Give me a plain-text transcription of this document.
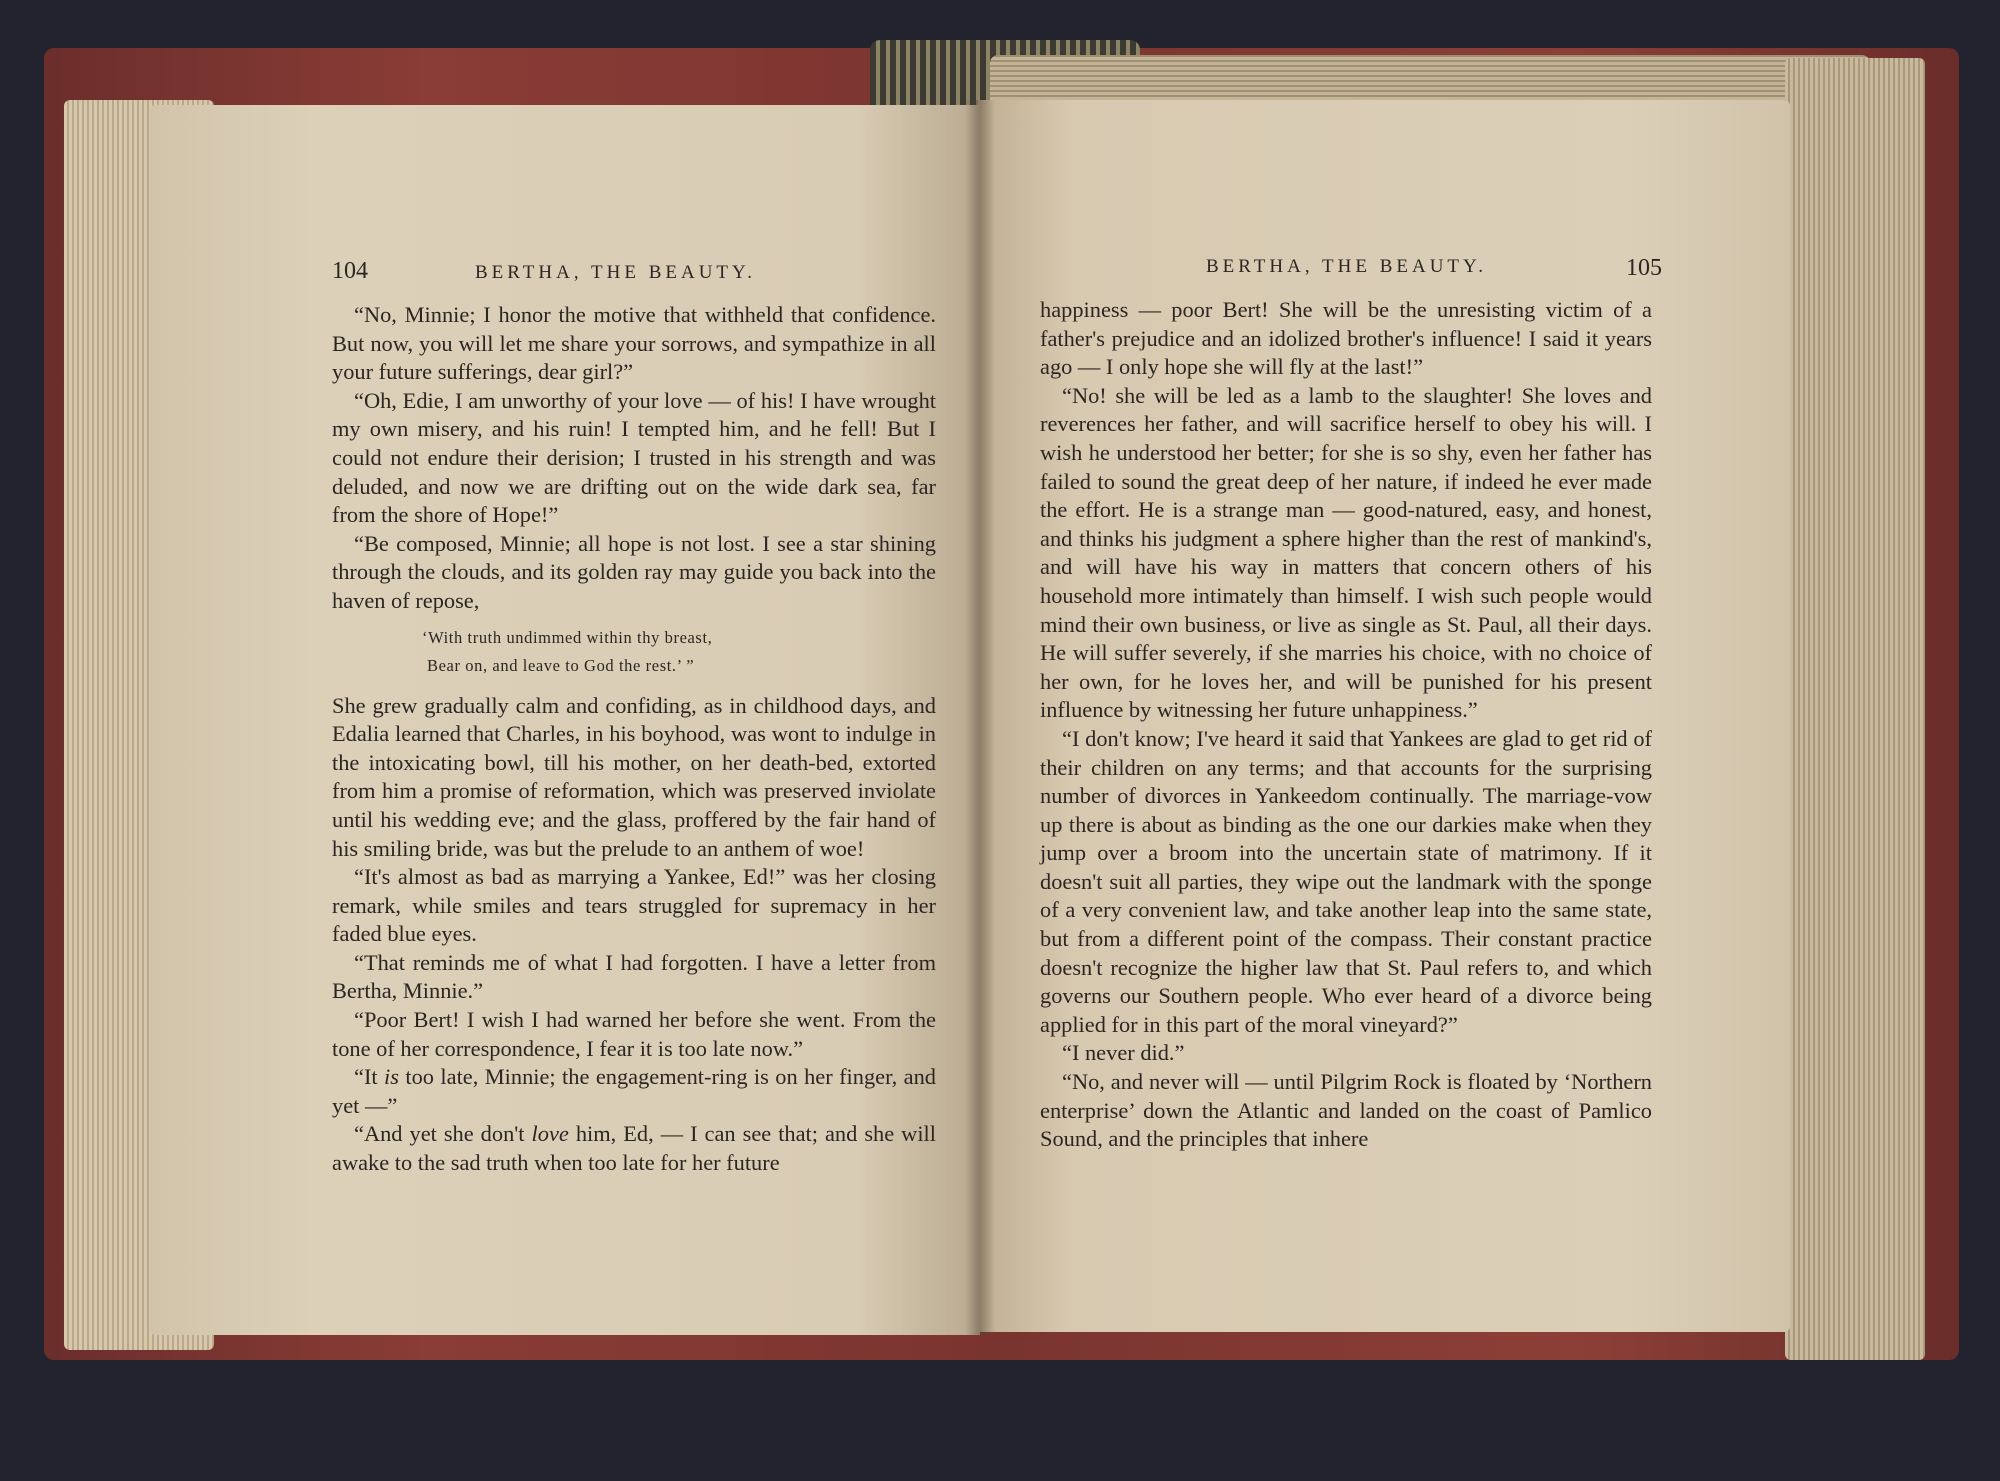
104	BERTHA, THE BEAUTY.

“No, Minnie; I honor the motive that withheld that confidence. But now, you will let me share your sorrows, and sympathize in all your future sufferings, dear girl?”

“Oh, Edie, I am unworthy of your love — of his! I have wrought my own misery, and his ruin! I tempted him, and he fell! But I could not endure their derision; I trusted in his strength and was deluded, and now we are drifting out on the wide dark sea, far from the shore of Hope!”

“Be composed, Minnie; all hope is not lost. I see a star shining through the clouds, and its golden ray may guide you back into the haven of repose,

‘With truth undimmed within thy breast,
Bear on, and leave to God the rest.’ ”

She grew gradually calm and confiding, as in childhood days, and Edalia learned that Charles, in his boyhood, was wont to indulge in the intoxicating bowl, till his mother, on her death-bed, extorted from him a promise of reformation, which was preserved inviolate until his wedding eve; and the glass, proffered by the fair hand of his smiling bride, was but the prelude to an anthem of woe!

“It's almost as bad as marrying a Yankee, Ed!” was her closing remark, while smiles and tears struggled for supremacy in her faded blue eyes.

“That reminds me of what I had forgotten. I have a letter from Bertha, Minnie.”

“Poor Bert! I wish I had warned her before she went. From the tone of her correspondence, I fear it is too late now.”

“It is too late, Minnie; the engagement-ring is on her finger, and yet —”

“And yet she don't love him, Ed, — I can see that; and she will awake to the sad truth when too late for her future

BERTHA, THE BEAUTY.	105

happiness — poor Bert! She will be the unresisting victim of a father's prejudice and an idolized brother's influence! I said it years ago — I only hope she will fly at the last!”

“No! she will be led as a lamb to the slaughter! She loves and reverences her father, and will sacrifice herself to obey his will. I wish he understood her better; for she is so shy, even her father has failed to sound the great deep of her nature, if indeed he ever made the effort. He is a strange man — good-natured, easy, and honest, and thinks his judgment a sphere higher than the rest of mankind's, and will have his way in matters that concern others of his household more intimately than himself. I wish such people would mind their own business, or live as single as St. Paul, all their days. He will suffer severely, if she marries his choice, with no choice of her own, for he loves her, and will be punished for his present influence by witnessing her future unhappiness.”

“I don't know; I've heard it said that Yankees are glad to get rid of their children on any terms; and that accounts for the surprising number of divorces in Yankeedom continually. The marriage-vow up there is about as binding as the one our darkies make when they jump over a broom into the uncertain state of matrimony. If it doesn't suit all parties, they wipe out the landmark with the sponge of a very convenient law, and take another leap into the same state, but from a different point of the compass. Their constant practice doesn't recognize the higher law that St. Paul refers to, and which governs our Southern people. Who ever heard of a divorce being applied for in this part of the moral vineyard?”

“I never did.”

“No, and never will — until Pilgrim Rock is floated by ‘Northern enterprise’ down the Atlantic and landed on the coast of Pamlico Sound, and the principles that inhere
